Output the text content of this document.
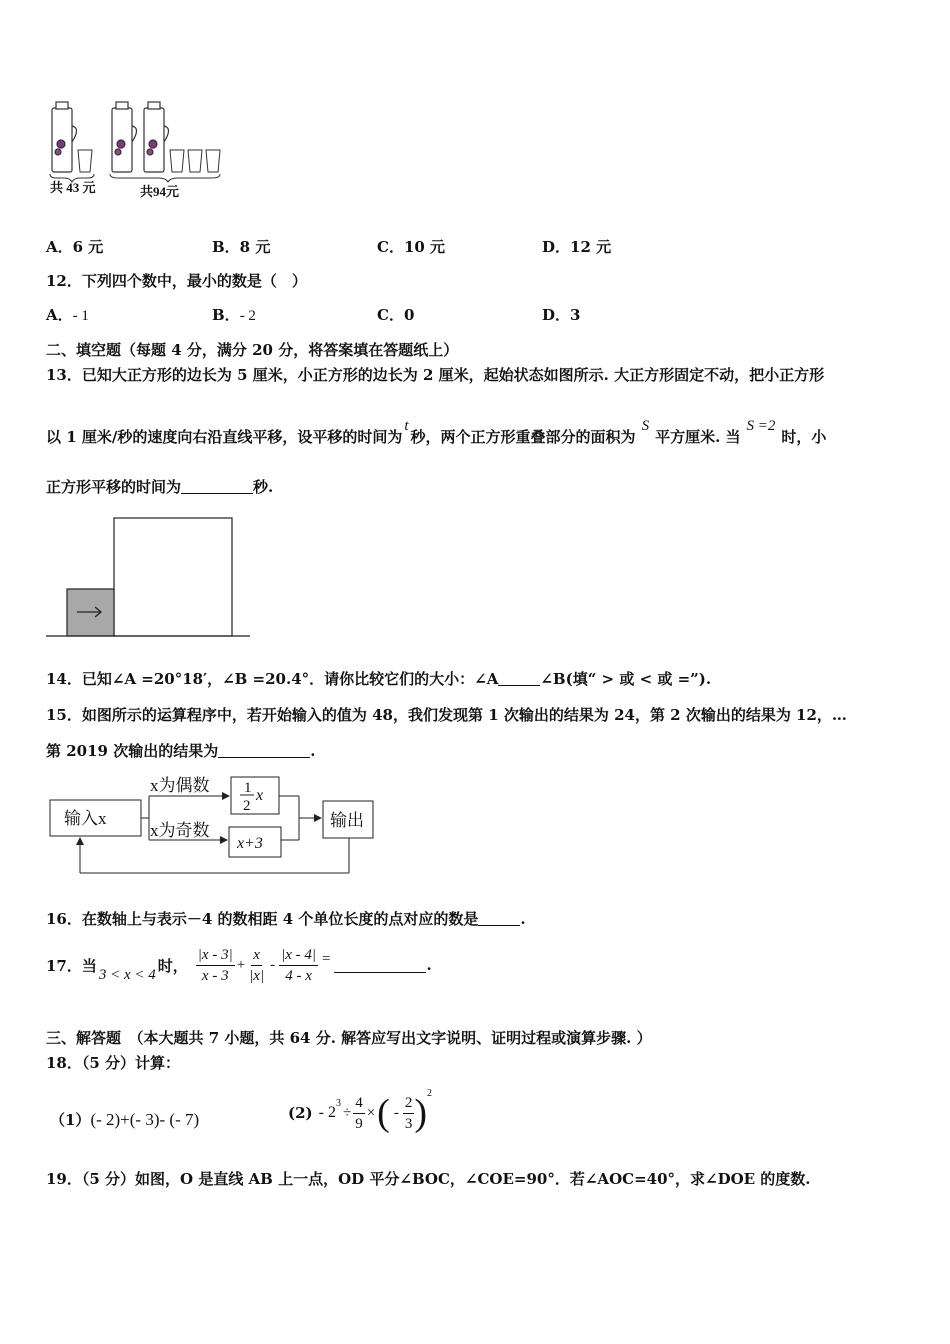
共 43 元	共94元
A．6 元	B．8 元	C．10 元	D．12 元
12．下列四个数中，最小的数是（　）
A．- 1	B．- 2	C．0	D．3
二、填空题（每题 4 分，满分 20 分，将答案填在答题纸上）
13．已知大正方形的边长为 5 厘米，小正方形的边长为 2 厘米，起始状态如图所示. 大正方形固定不动，把小正方形
以 1 厘米/秒的速度向右沿直线平移，设平移的时间为t秒，两个正方形重叠部分的面积为S平方厘米. 当S =2时，小
正方形平移的时间为	秒.
14．已知∠A =20°18′，∠B =20.4°．请你比较它们的大小：∠A	∠B(填“ > 或 < 或 =”).
15．如图所示的运算程序中，若开始输入的值为 48，我们发现第 1 次输出的结果为 24，第 2 次输出的结果为 12，…
第 2019 次输出的结果为	.
输入x
x为偶数
x为奇数
1
2
x
x+3
输出
16．在数轴上与表示－4 的数相距 4 个单位长度的点对应的数是	.
17．当 3 < x < 4 时， $\frac{|x - 3|}{x - 3} + \frac{x}{|x|} - \frac{|x - 4|}{4 - x}$ =	.
三、解答题　（本大题共 7 小题，共 64 分. 解答应写出文字说明、证明过程或演算步骤. ）
18．（5 分）计算：
（1）(- 2)+(- 3)- (- 7)	(2) - 2
3
÷ $\frac{4}{9}$ × ( - $\frac{2}{3}$ ) 2
19．（5 分）如图，O 是直线 AB 上一点，OD 平分∠BOC，∠COE=90°．若∠AOC=40°，求∠DOE 的度数.
